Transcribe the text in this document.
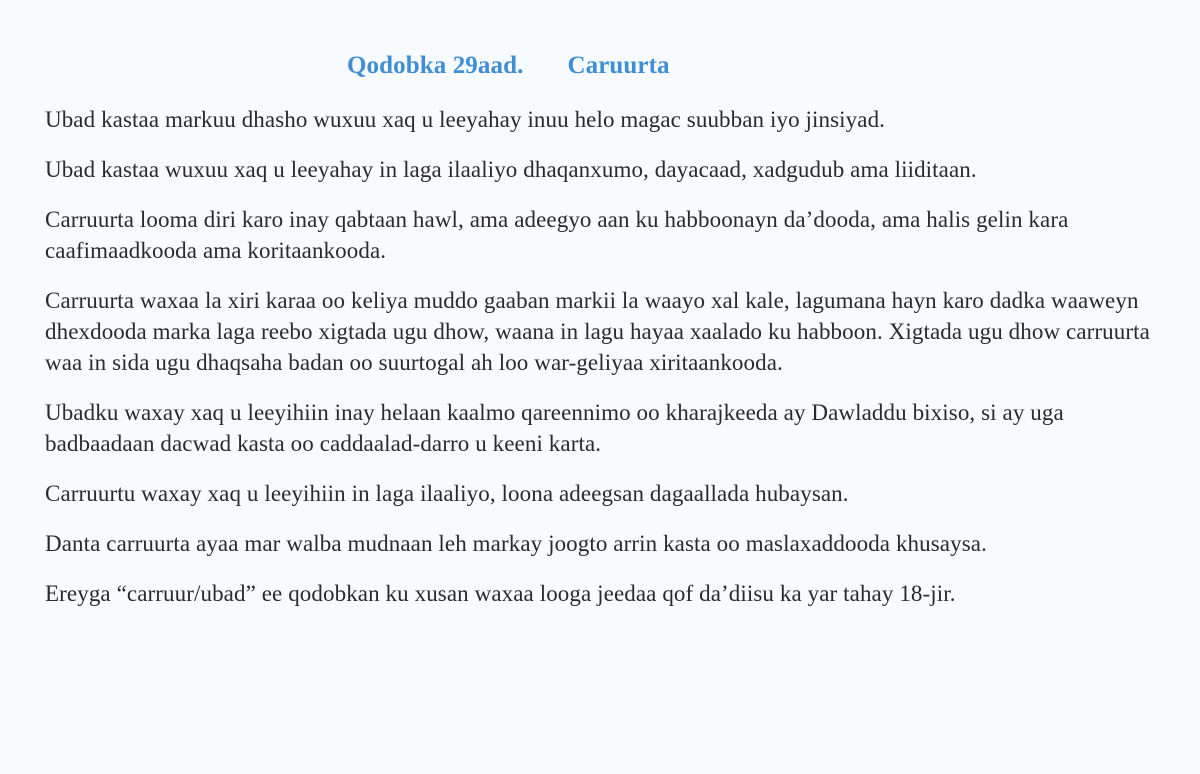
Qodobka 29aad. Caruurta

Ubad kastaa markuu dhasho wuxuu xaq u leeyahay inuu helo magac suubban iyo jinsiyad.

Ubad kastaa wuxuu xaq u leeyahay in laga ilaaliyo dhaqanxumo, dayacaad, xadgudub ama liiditaan.

Carruurta looma diri karo inay qabtaan hawl, ama adeegyo aan ku habboonayn da’dooda, ama halis gelin kara caafimaadkooda ama koritaankooda.

Carruurta waxaa la xiri karaa oo keliya muddo gaaban markii la waayo xal kale, lagumana hayn karo dadka waaweyn dhexdooda marka laga reebo xigtada ugu dhow, waana in lagu hayaa xaalado ku habboon. Xigtada ugu dhow carruurta waa in sida ugu dhaqsaha badan oo suurtogal ah loo war-geliyaa xiritaankooda.

Ubadku waxay xaq u leeyihiin inay helaan kaalmo qareennimo oo kharajkeeda ay Dawladdu bixiso, si ay uga badbaadaan dacwad kasta oo caddaalad-darro u keeni karta.

Carruurtu waxay xaq u leeyihiin in laga ilaaliyo, loona adeegsan dagaallada hubaysan.

Danta carruurta ayaa mar walba mudnaan leh markay joogto arrin kasta oo maslaxaddooda khusaysa.

Ereyga “carruur/ubad” ee qodobkan ku xusan waxaa looga jeedaa qof da’diisu ka yar tahay 18-jir.
